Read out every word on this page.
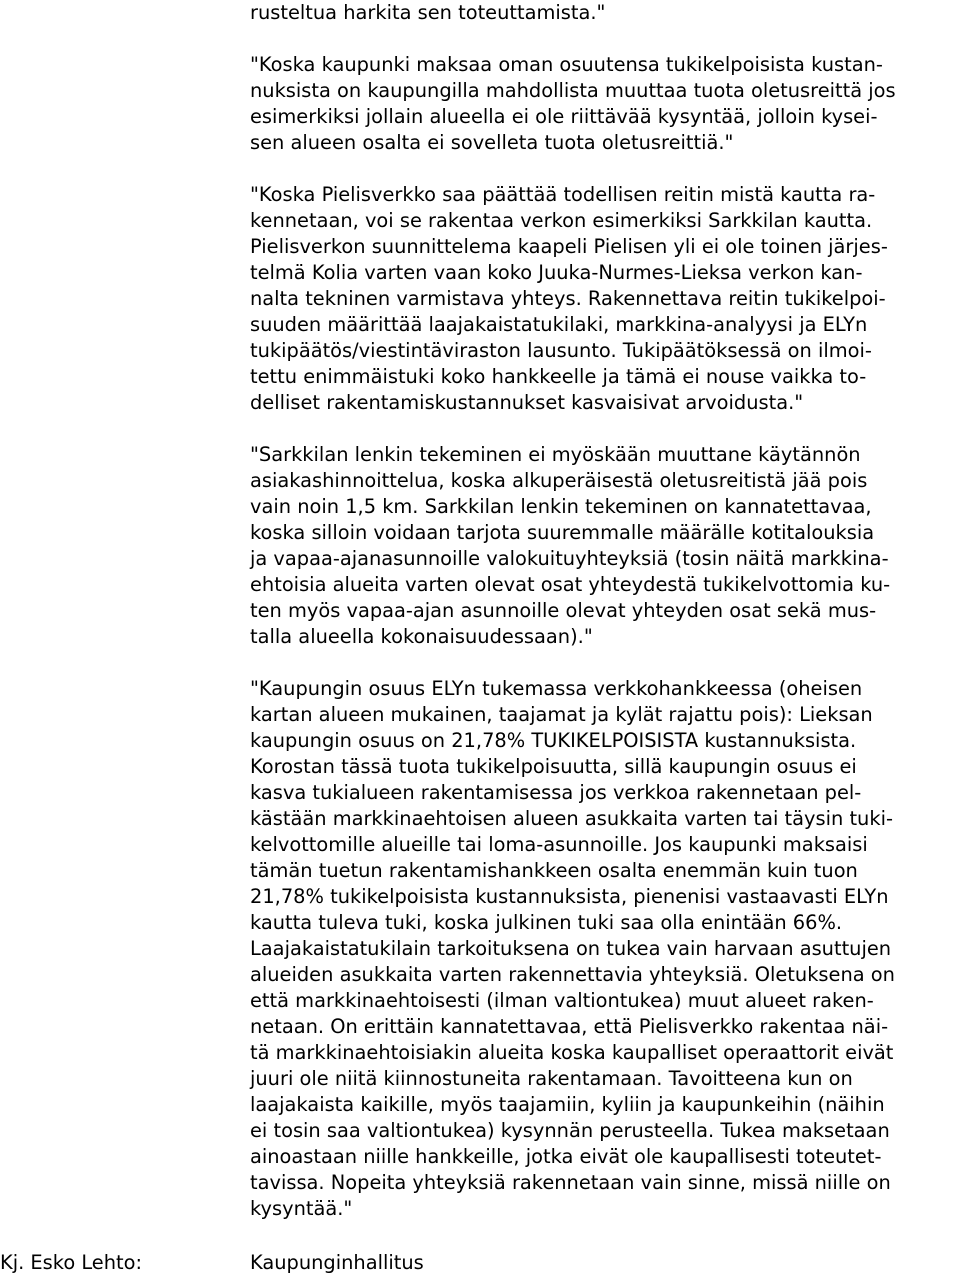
rusteltua harkita sen toteuttamista."

"Koska kaupunki maksaa oman osuutensa tukikelpoisista kustan-
nuksista on kaupungilla mahdollista muuttaa tuota oletusreittä jos
esimerkiksi jollain alueella ei ole riittävää kysyntää, jolloin kysei-
sen alueen osalta ei sovelleta tuota oletusreittiä."

"Koska Pielisverkko saa päättää todellisen reitin mistä kautta ra-
kennetaan, voi se rakentaa verkon esimerkiksi Sarkkilan kautta.
Pielisverkon suunnittelema kaapeli Pielisen yli ei ole toinen järjes-
telmä Kolia varten vaan koko Juuka-Nurmes-Lieksa verkon kan-
nalta tekninen varmistava yhteys. Rakennettava reitin tukikelpoi-
suuden määrittää laajakaistatukilaki, markkina-analyysi ja ELYn
tukipäätös/viestintäviraston lausunto. Tukipäätöksessä on ilmoi-
tettu enimmäistuki koko hankkeelle ja tämä ei nouse vaikka to-
delliset rakentamiskustannukset kasvaisivat arvoidusta."

"Sarkkilan lenkin tekeminen ei myöskään muuttane käytännön
asiakashinnoittelua, koska alkuperäisestä oletusreitistä jää pois
vain noin 1,5 km. Sarkkilan lenkin tekeminen on kannatettavaa,
koska silloin voidaan tarjota suuremmalle määrälle kotitalouksia
ja vapaa-ajanasunnoille valokuituyhteyksiä (tosin näitä markkina-
ehtoisia alueita varten olevat osat yhteydestä tukikelvottomia ku-
ten myös vapaa-ajan asunnoille olevat yhteyden osat sekä mus-
talla alueella kokonaisuudessaan)."

"Kaupungin osuus ELYn tukemassa verkkohankkeessa (oheisen
kartan alueen mukainen, taajamat ja kylät rajattu pois): Lieksan
kaupungin osuus on 21,78% TUKIKELPOISISTA kustannuksista.
Korostan tässä tuota tukikelpoisuutta, sillä kaupungin osuus ei
kasva tukialueen rakentamisessa jos verkkoa rakennetaan pel-
kästään markkinaehtoisen alueen asukkaita varten tai täysin tuki-
kelvottomille alueille tai loma-asunnoille. Jos kaupunki maksaisi
tämän tuetun rakentamishankkeen osalta enemmän kuin tuon
21,78% tukikelpoisista kustannuksista, pienenisi vastaavasti ELYn
kautta tuleva tuki, koska julkinen tuki saa olla enintään 66%.
Laajakaistatukilain tarkoituksena on tukea vain harvaan asuttujen
alueiden asukkaita varten rakennettavia yhteyksiä. Oletuksena on
että markkinaehtoisesti (ilman valtiontukea) muut alueet raken-
netaan. On erittäin kannatettavaa, että Pielisverkko rakentaa näi-
tä markkinaehtoisiakin alueita koska kaupalliset operaattorit eivät
juuri ole niitä kiinnostuneita rakentamaan. Tavoitteena kun on
laajakaista kaikille, myös taajamiin, kyliin ja kaupunkeihin (näihin
ei tosin saa valtiontukea) kysynnän perusteella. Tukea maksetaan
ainoastaan niille hankkeille, jotka eivät ole kaupallisesti toteutet-
tavissa. Nopeita yhteyksiä rakennetaan vain sinne, missä niille on
kysyntää."

Kj. Esko Lehto:	Kaupunginhallitus
